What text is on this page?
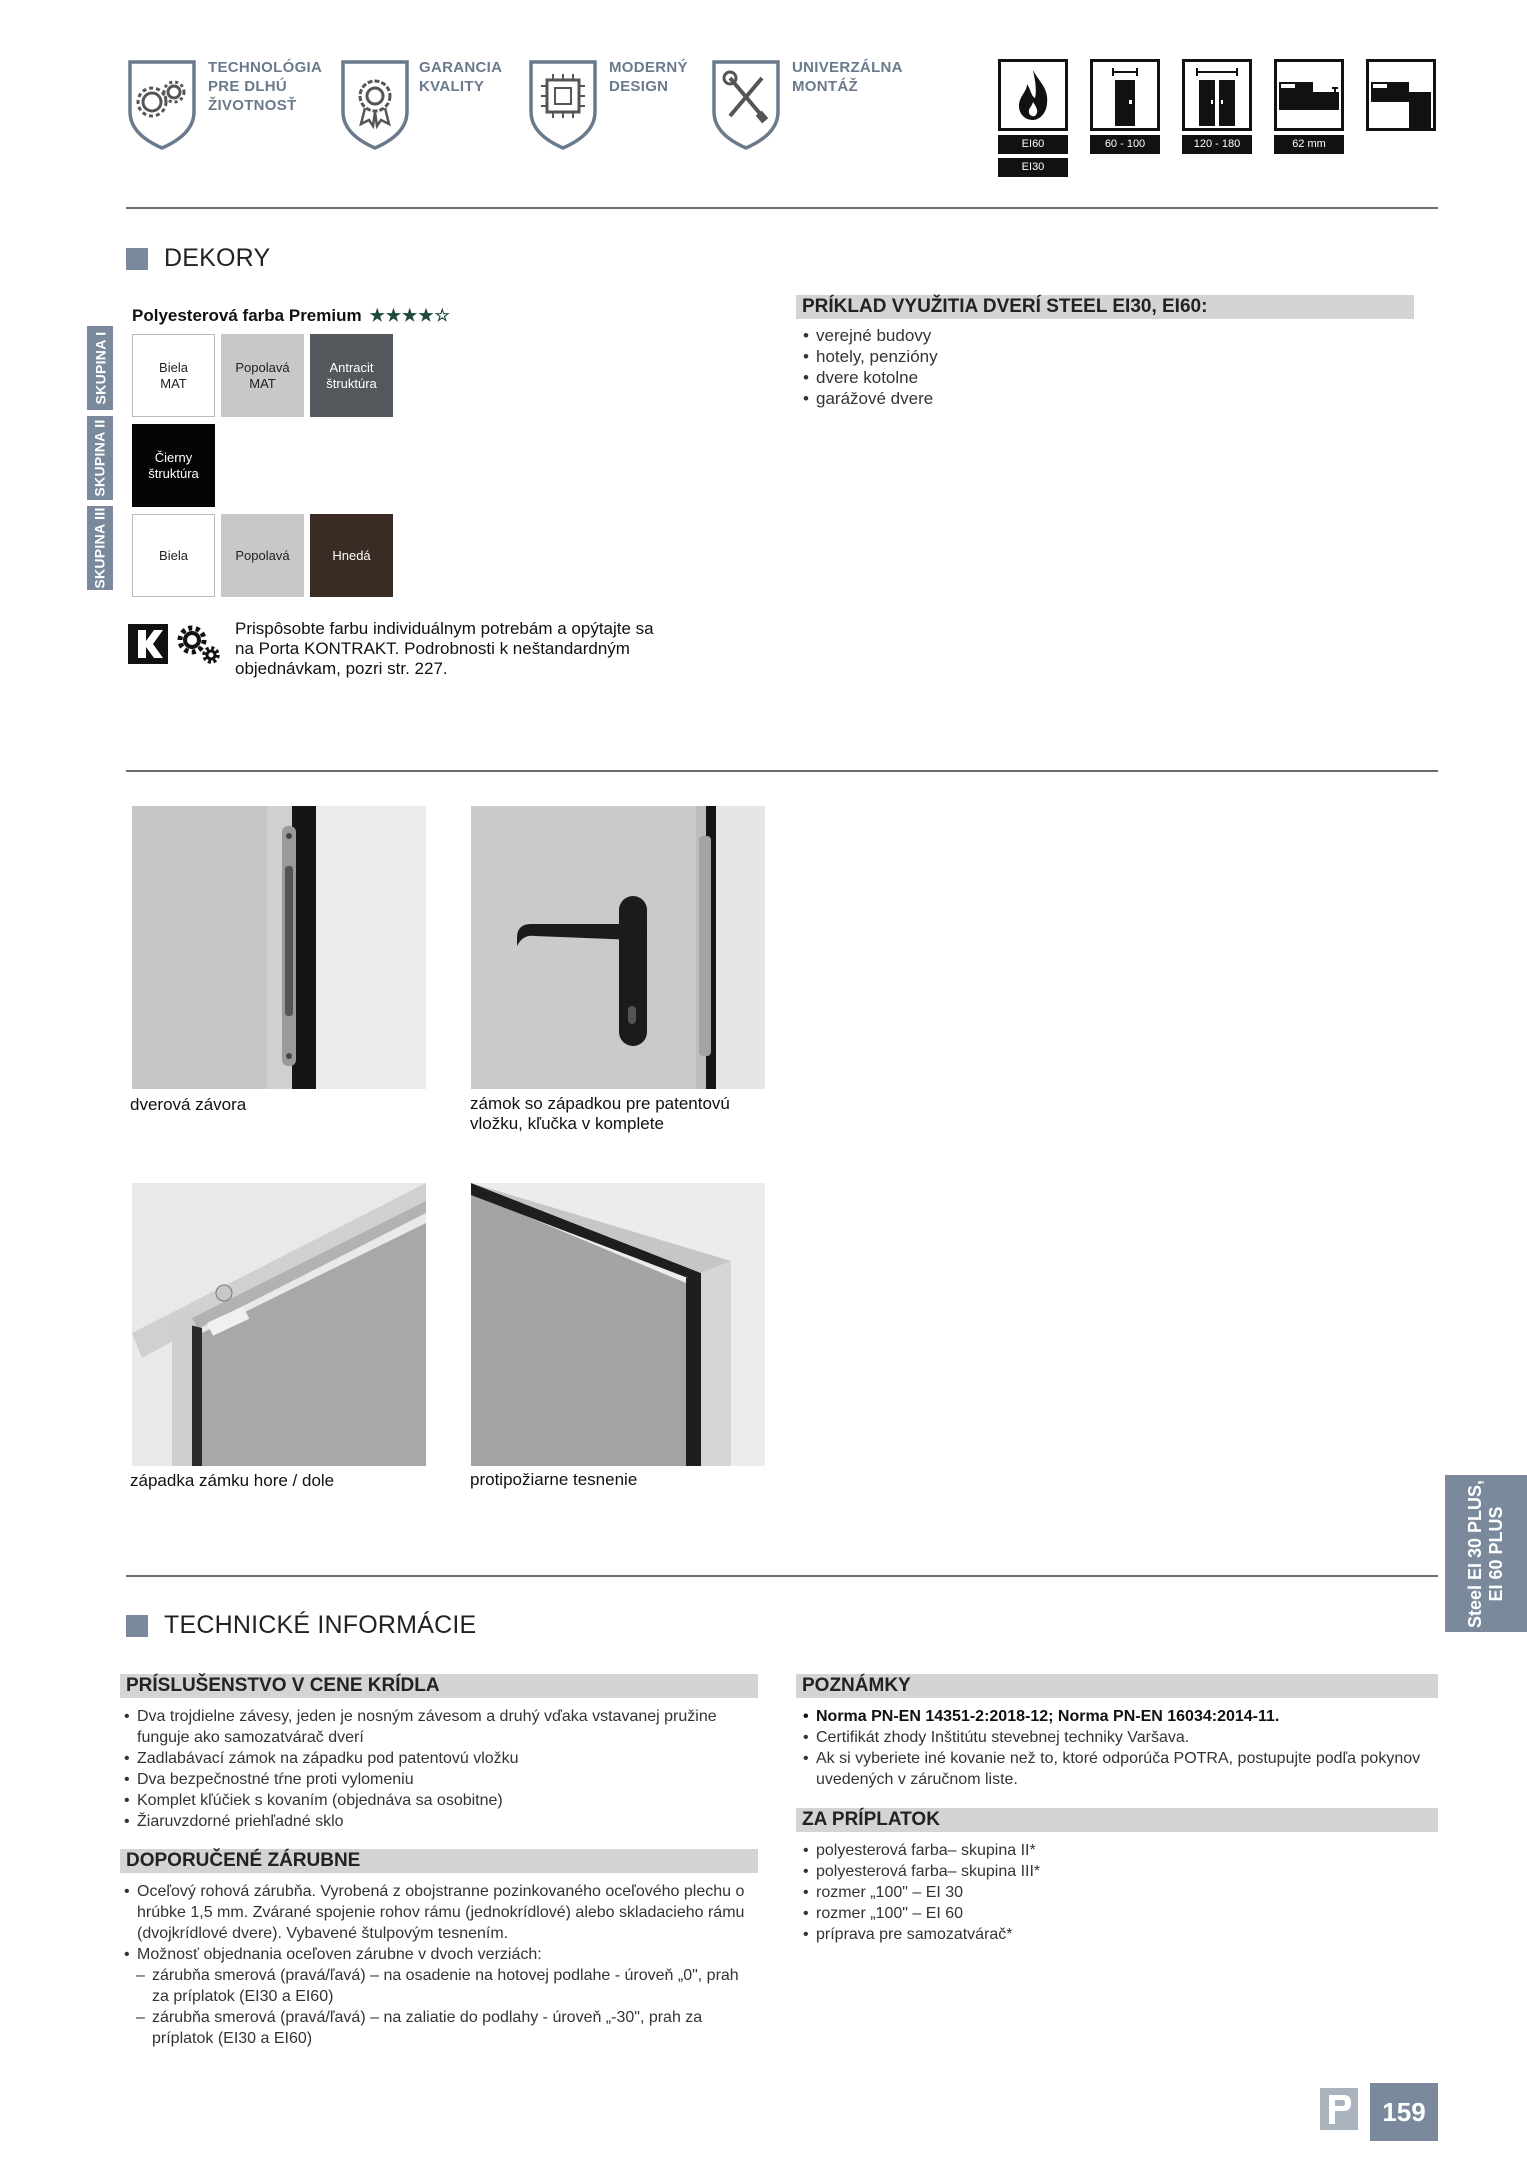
TECHNOLÓGIA
PRE DLHÚ
ŽIVOTNOSŤ
GARANCIA
KVALITY
MODERNÝ
DESIGN
UNIVERZÁLNA
MONTÁŽ
EI60
EI30
60 - 100	120 - 180	62 mm
DEKORY
Polyesterová farba Premium ★★★★☆
SKUPINA I
SKUPINA II
SKUPINA III
Biela
MAT
Popolavá
MAT
Antracit
štruktúra
Čierny
štruktúra
Biela	Popolavá	Hnedá
Prispôsobte farbu individuálnym potrebám a opýtajte sa na Porta KONTRAKT. Podrobnosti k neštandardným objednávkam, pozri str. 227.
PRÍKLAD VYUŽITIA DVERÍ STEEL EI30, EI60:
• verejné budovy
• hotely, penzióny
• dvere kotolne
• garážové dvere
dverová závora	zámok so západkou pre patentovú
vložku, kľučka v komplete
západka zámku hore / dole	protipožiarne tesnenie	Steel EI 30 PLUS, EI 60 PLUS
TECHNICKÉ INFORMÁCIE
PRÍSLUŠENSTVO V CENE KRÍDLA
• Dva trojdielne závesy, jeden je nosným závesom a druhý vďaka vstavanej pružine funguje ako samozatvárač dverí
• Zadlabávací zámok na západku pod patentovú vložku
• Dva bezpečnostné tŕne proti vylomeniu
• Komplet kľúčiek s kovaním (objednáva sa osobitne)
• Žiaruvzdorné priehľadné sklo
DOPORUČENÉ ZÁRUBNE
• Oceľový rohová zárubňa. Vyrobená z obojstranne pozinkovaného oceľového plechu o hrúbke 1,5 mm. Zvárané spojenie rohov rámu (jednokrídlové) alebo skladacieho rámu (dvojkrídlové dvere). Vybavené štulpovým tesnením.
• Možnosť objednania oceľoven zárubne v dvoch verziách:
– zárubňa smerová (pravá/ľavá) – na osadenie na hotovej podlahe - úroveň „0", prah za príplatok (EI30 a EI60)
– zárubňa smerová (pravá/ľavá) – na zaliatie do podlahy - úroveň „-30", prah za príplatok (EI30 a EI60)
POZNÁMKY
• Norma PN-EN 14351-2:2018-12; Norma PN-EN 16034:2014-11.
• Certifikát zhody Inštitútu stevebnej techniky Varšava.
• Ak si vyberiete iné kovanie než to, ktoré odporúča POTRA, postupujte podľa pokynov uvedených v záručnom liste.
ZA PRÍPLATOK
• polyesterová farba– skupina II*
• polyesterová farba– skupina III*
• rozmer „100" – EI 30
• rozmer „100" – EI 60
• príprava pre samozatvárač*
159
